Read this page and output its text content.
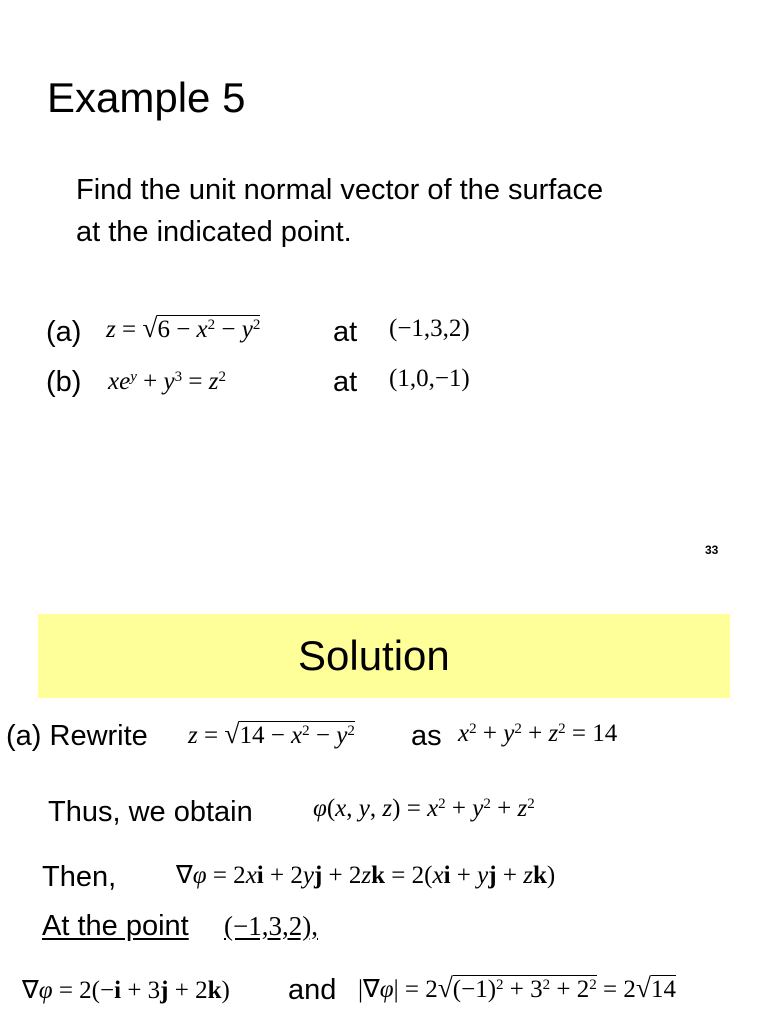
Example 5
Find the unit normal vector of the surface
at the indicated point.
(a) $z = √6 - x^2 - y^2$	at (−1,3,2)
(b) $xe^y + y^3 = z^2$	at (1,0,−1)
33
Solution
(a) Rewrite $z = √14 - x^2 - y^2$ as $x^2 + y^2 + z^2 = 14$
Thus, we obtain φ(x, y, $z) = x^2 + y^2 + z^2$
Then, ∇φ = 2xi + 2yj + 2zk = 2(xi + yj + zk)
At the point (−1,3,2),
∇φ = 2(−i + 3j + 2k) and $|\nabla\varphi| = 2√(-1)^2 + 3^2 + 2^2 = 2√14$
